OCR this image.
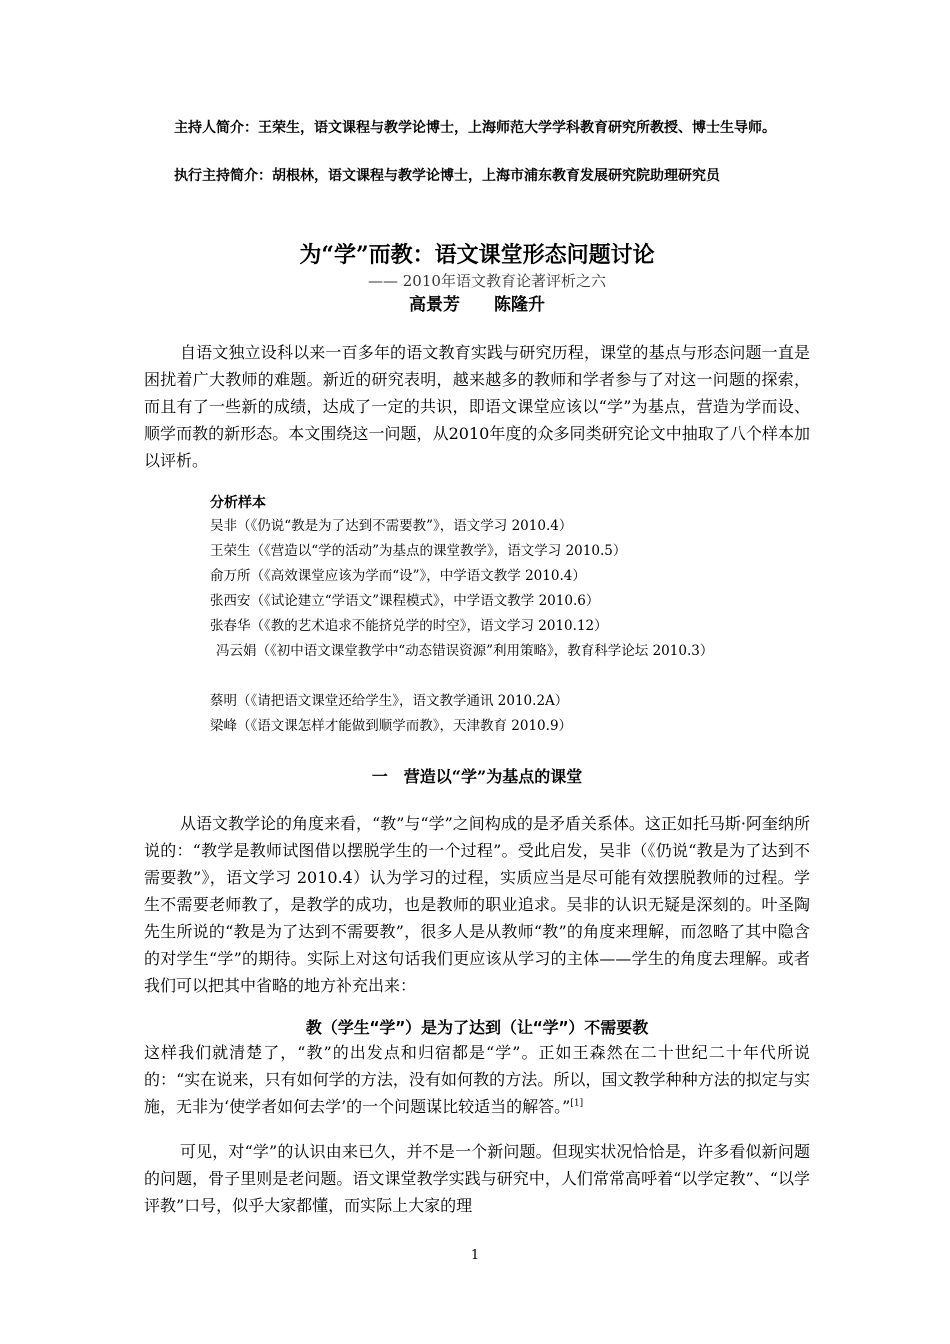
主持人简介：王荣生，语文课程与教学论博士，上海师范大学学科教育研究所教授、博士生导师。

执行主持简介：胡根林，语文课程与教学论博士，上海市浦东教育发展研究院助理研究员

为“学”而教：语文课堂形态问题讨论
—— 2010年语文教育论著评析之六
高景芳　　陈隆升

自语文独立设科以来一百多年的语文教育实践与研究历程，课堂的基点与形态问题一直是困扰着广大教师的难题。新近的研究表明，越来越多的教师和学者参与了对这一问题的探索，而且有了一些新的成绩，达成了一定的共识，即语文课堂应该以“学”为基点，营造为学而设、顺学而教的新形态。本文围绕这一问题，从2010年度的众多同类研究论文中抽取了八个样本加以评析。

分析样本
吴非（《仍说“教是为了达到不需要教”》，语文学习 2010.4）
王荣生（《营造以“学的活动”为基点的课堂教学》，语文学习 2010.5）
俞万所（《高效课堂应该为学而“设”》，中学语文教学 2010.4）
张西安（《试论建立“学语文”课程模式》，中学语文教学 2010.6）
张春华（《教的艺术追求不能挤兑学的时空》，语文学习 2010.12）
冯云娟（《初中语文课堂教学中“动态错误资源”利用策略》，教育科学论坛 2010.3）
蔡明（《请把语文课堂还给学生》，语文教学通讯 2010.2A）
梁峰（《语文课怎样才能做到顺学而教》，天津教育 2010.9）
一　营造以“学”为基点的课堂

从语文教学论的角度来看，“教”与“学”之间构成的是矛盾关系体。这正如托马斯·阿奎纳所说的：“教学是教师试图借以摆脱学生的一个过程”。受此启发，吴非（《仍说“教是为了达到不需要教”》，语文学习 2010.4）认为学习的过程，实质应当是尽可能有效摆脱教师的过程。学生不需要老师教了，是教学的成功，也是教师的职业追求。吴非的认识无疑是深刻的。叶圣陶先生所说的“教是为了达到不需要教”，很多人是从教师“教”的角度来理解，而忽略了其中隐含的对学生“学”的期待。实际上对这句话我们更应该从学习的主体——学生的角度去理解。或者我们可以把其中省略的地方补充出来：

教（学生“学”）是为了达到（让“学”）不需要教

这样我们就清楚了，“教”的出发点和归宿都是“学”。正如王森然在二十世纪二十年代所说的：“实在说来，只有如何学的方法，没有如何教的方法。所以，国文教学种种方法的拟定与实施，无非为‘使学者如何去学’的一个问题谋比较适当的解答。”[1]

可见，对“学”的认识由来已久，并不是一个新问题。但现实状况恰恰是，许多看似新问题的问题，骨子里则是老问题。语文课堂教学实践与研究中，人们常常高呼着“以学定教”、“以学评教”口号，似乎大家都懂，而实际上大家的理

1
